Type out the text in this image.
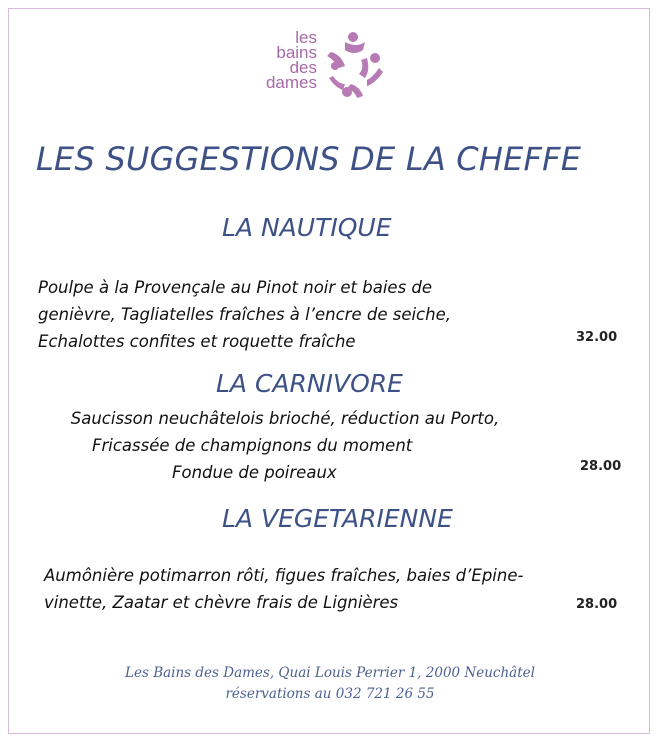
les
bains
des
dames
LES SUGGESTIONS DE LA CHEFFE
LA NAUTIQUE
Poulpe à la Provençale au Pinot noir et baies de
genièvre, Tagliatelles fraîches à l’encre de seiche,
Echalottes confites et roquette fraîche	32.00
LA CARNIVORE
Saucisson neuchâtelois brioché, réduction au Porto,
Fricassée de champignons du moment
Fondue de poireaux	28.00
LA VEGETARIENNE
Aumônière potimarron rôti, figues fraîches, baies d’Epine-
vinette, Zaatar et chèvre frais de Lignières	28.00
Les Bains des Dames, Quai Louis Perrier 1, 2000 Neuchâtel
réservations au 032 721 26 55
